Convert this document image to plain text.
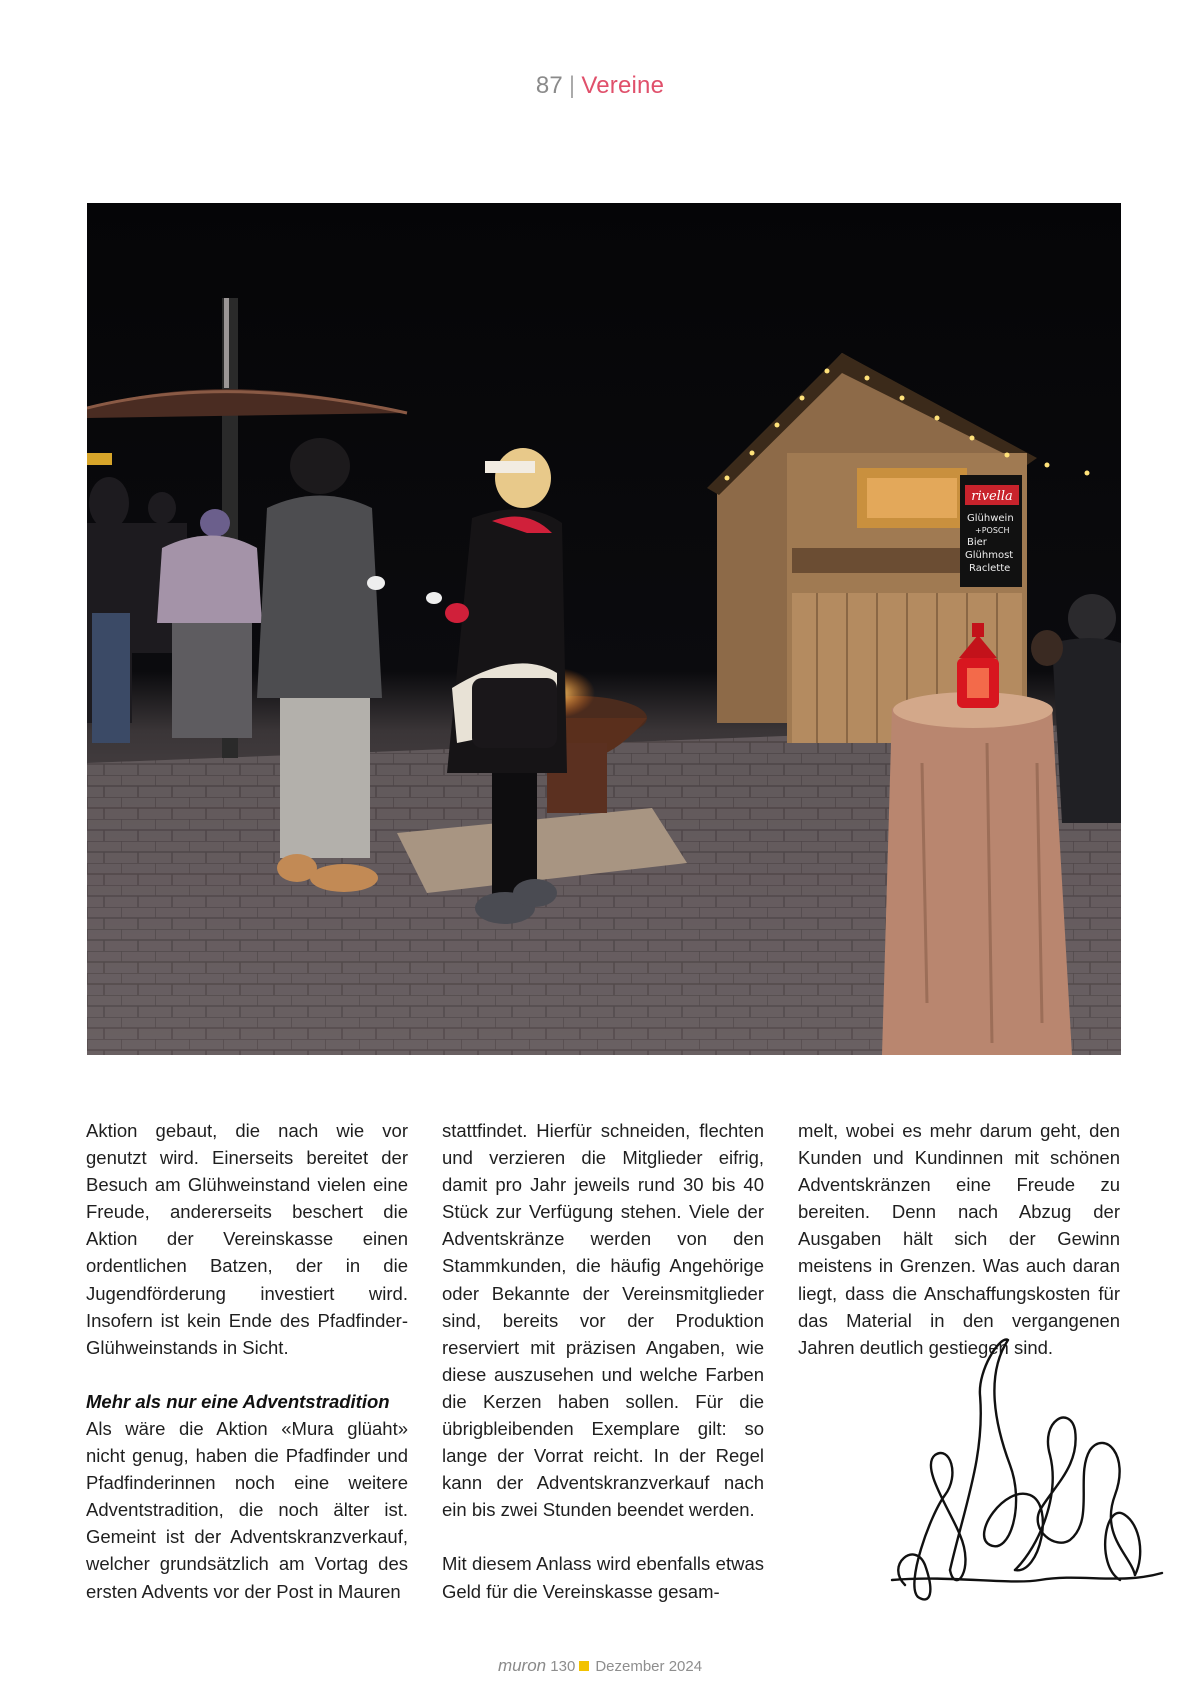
87 | Vereine
rivella
Glühwein
+POSCH
Bier
Glühmost
Raclette

Aktion gebaut, die nach wie vor genutzt wird. Einerseits bereitet der Besuch am Glühweinstand vielen eine Freude, andererseits beschert die Aktion der Vereinskasse einen ordentlichen Batzen, der in die Jugendförderung investiert wird. Insofern ist kein Ende des Pfadfinder-Glühweinstands in Sicht.

Mehr als nur eine Adventstradition

Als wäre die Aktion «Mura glüaht» nicht genug, haben die Pfadfinder und Pfadfinderinnen noch eine weitere Adventstradition, die noch älter ist. Gemeint ist der Adventskranzverkauf, welcher grundsätzlich am Vortag des ersten Advents vor der Post in Mauren

stattfindet. Hierfür schneiden, flechten und verzieren die Mitglieder eifrig, damit pro Jahr jeweils rund 30 bis 40 Stück zur Verfügung stehen. Viele der Adventskränze werden von den Stammkunden, die häufig Angehörige oder Bekannte der Vereinsmitglieder sind, bereits vor der Produktion reserviert mit präzisen Angaben, wie diese auszusehen und welche Farben die Kerzen haben sollen. Für die übrigbleibenden Exemplare gilt: so lange der Vorrat reicht. In der Regel kann der Adventskranzverkauf nach ein bis zwei Stunden beendet werden.

Mit diesem Anlass wird ebenfalls etwas Geld für die Vereinskasse gesam-

melt, wobei es mehr darum geht, den Kunden und Kundinnen mit schönen Adventskränzen eine Freude zu bereiten. Denn nach Abzug der Ausgaben hält sich der Gewinn meistens in Grenzen. Was auch daran liegt, dass die Anschaffungskosten für das Material in den vergangenen Jahren deutlich gestiegen sind.

muron 130 Dezember 2024
